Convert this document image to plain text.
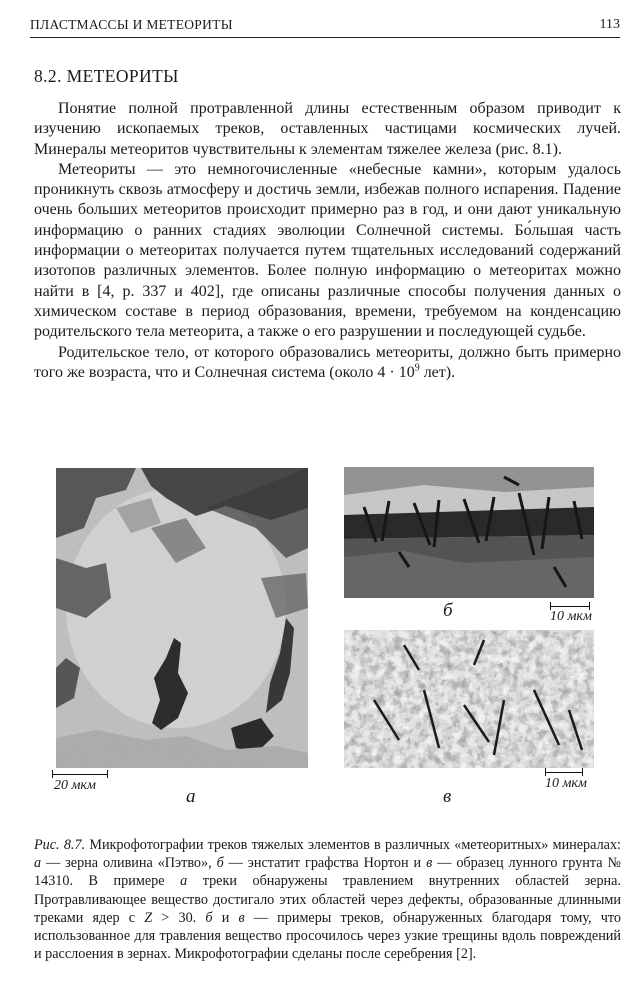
ПЛАСТМАССЫ И МЕТЕОРИТЫ	113
8.2. МЕТЕОРИТЫ

Понятие полной протравленной длины естественным образом приводит к изучению ископаемых треков, оставленных частицами космических лучей. Минералы метеоритов чувствительны к элементам тяжелее железа (рис. 8.1).

Метеориты — это немногочисленные «небесные камни», которым удалось проникнуть сквозь атмосферу и достичь земли, избежав полного испарения. Падение очень больших метеоритов происходит примерно раз в год, и они дают уникальную информацию о ранних стадиях эволюции Солнечной системы. Бо́льшая часть информации о метеоритах получается путем тщательных исследований содержаний изотопов различных элементов. Более полную информацию о метеоритах можно найти в [4, р. 337 и 402], где описаны различные способы получения данных о химическом составе в период образования, времени, требуемом на конденсацию родительского тела метеорита, а также о его разрушении и последующей судьбе.

Родительское тело, от которого образовались метеориты, должно быть примерно того же возраста, что и Солнечная система (около $4 \cdot 10^9$ лет).

а
20 мкм
б	10 мкм
в
10 мкм
Рис. 8.7. Микрофотографии треков тяжелых элементов в различных «метеоритных» минералах: а — зерна оливина «Пэтво», б — энстатит графства Нортон и в — образец лунного грунта № 14310. В примере а треки обнаружены травлением внутренних областей зерна. Протравливающее вещество достигало этих областей через дефекты, образованные длинными треками ядер с Z > 30. б и в — примеры треков, обнаруженных благодаря тому, что использованное для травления вещество просочилось через узкие трещины вдоль повреждений и расслоения в зернах. Микрофотографии сделаны после серебрения [2].
